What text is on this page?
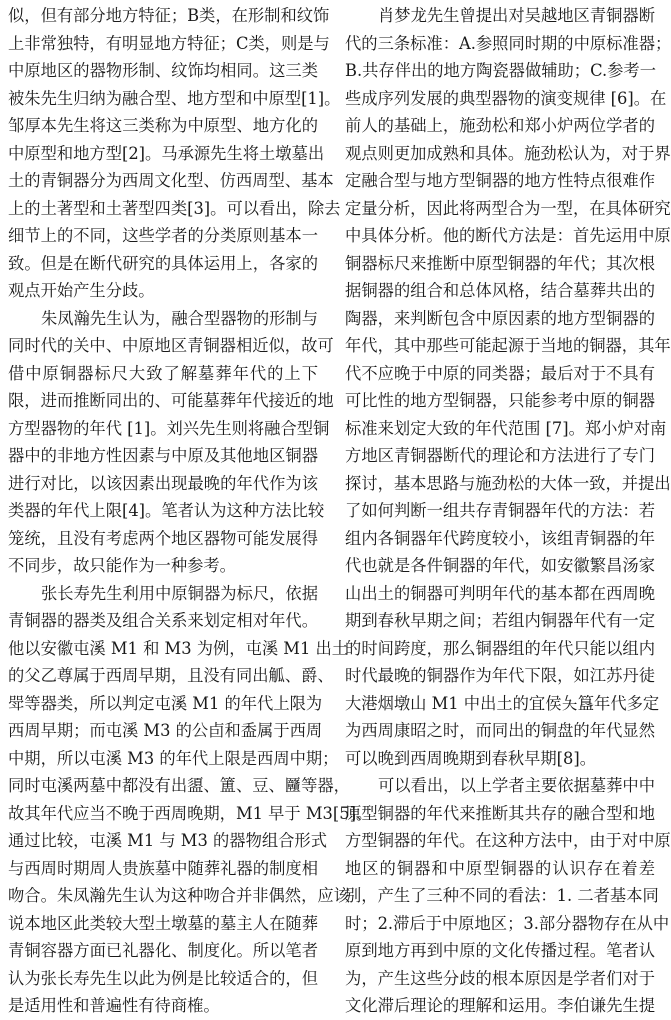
似，但有部分地方特征；B类，在形制和纹饰
上非常独特，有明显地方特征；C类，则是与
中原地区的器物形制、纹饰均相同。这三类
被朱先生归纳为融合型、地方型和中原型[1]。
邹厚本先生将这三类称为中原型、地方化的
中原型和地方型[2]。马承源先生将土墩墓出
土的青铜器分为西周文化型、仿西周型、基本
上的土著型和土著型四类[3]。可以看出，除去
细节上的不同，这些学者的分类原则基本一
致。但是在断代研究的具体运用上，各家的
观点开始产生分歧。
朱凤瀚先生认为，融合型器物的形制与
同时代的关中、中原地区青铜器相近似，故可
借中原铜器标尺大致了解墓葬年代的上下
限，进而推断同出的、可能墓葬年代接近的地
方型器物的年代 [1]。刘兴先生则将融合型铜
器中的非地方性因素与中原及其他地区铜器
进行对比，以该因素出现最晚的年代作为该
类器的年代上限[4]。笔者认为这种方法比较
笼统，且没有考虑两个地区器物可能发展得
不同步，故只能作为一种参考。
张长寿先生利用中原铜器为标尺，依据
青铜器的器类及组合关系来划定相对年代。
他以安徽屯溪 M1 和 M3 为例，屯溪 M1 出土
的父乙尊属于西周早期，且没有同出觚、爵、
斝等器类，所以判定屯溪 M1 的年代上限为
西周早期；而屯溪 M3 的公卣和盉属于西周
中期，所以屯溪 M3 的年代上限是西周中期；
同时屯溪两墓中都没有出盨、簠、豆、㔶等器，
故其年代应当不晚于西周晚期，M1 早于 M3[5]。
通过比较，屯溪 M1 与 M3 的器物组合形式
与西周时期周人贵族墓中随葬礼器的制度相
吻合。朱凤瀚先生认为这种吻合并非偶然，应该
说本地区此类较大型土墩墓的墓主人在随葬
青铜容器方面已礼器化、制度化。所以笔者
认为张长寿先生以此为例是比较适合的，但
是适用性和普遍性有待商榷。
肖梦龙先生曾提出对吴越地区青铜器断
代的三条标准：A.参照同时期的中原标准器；
B.共存伴出的地方陶瓷器做辅助；C.参考一
些成序列发展的典型器物的演变规律 [6]。在
前人的基础上，施劲松和郑小炉两位学者的
观点则更加成熟和具体。施劲松认为，对于界
定融合型与地方型铜器的地方性特点很难作
定量分析，因此将两型合为一型，在具体研究
中具体分析。他的断代方法是：首先运用中原
铜器标尺来推断中原型铜器的年代；其次根
据铜器的组合和总体风格，结合墓葬共出的
陶器，来判断包含中原因素的地方型铜器的
年代，其中那些可能起源于当地的铜器，其年
代不应晚于中原的同类器；最后对于不具有
可比性的地方型铜器，只能参考中原的铜器
标准来划定大致的年代范围 [7]。郑小炉对南
方地区青铜器断代的理论和方法进行了专门
探讨，基本思路与施劲松的大体一致，并提出
了如何判断一组共存青铜器年代的方法：若
组内各铜器年代跨度较小，该组青铜器的年
代也就是各件铜器的年代，如安徽繁昌汤家
山出土的铜器可判明年代的基本都在西周晚
期到春秋早期之间；若组内铜器年代有一定
的时间跨度，那么铜器组的年代只能以组内
时代最晚的铜器作为年代下限，如江苏丹徒
大港烟墩山 M1 中出土的宜侯夨簋年代多定
为西周康昭之时，而同出的铜盘的年代显然
可以晚到西周晚期到春秋早期[8]。
可以看出，以上学者主要依据墓葬中中
原型铜器的年代来推断其共存的融合型和地
方型铜器的年代。在这种方法中，由于对中原
地区的铜器和中原型铜器的认识存在着差
别，产生了三种不同的看法：1. 二者基本同
时；2.滞后于中原地区；3.部分器物存在从中
原到地方再到中原的文化传播过程。笔者认
为，产生这些分歧的根本原因是学者们对于
文化滞后理论的理解和运用。李伯谦先生提
